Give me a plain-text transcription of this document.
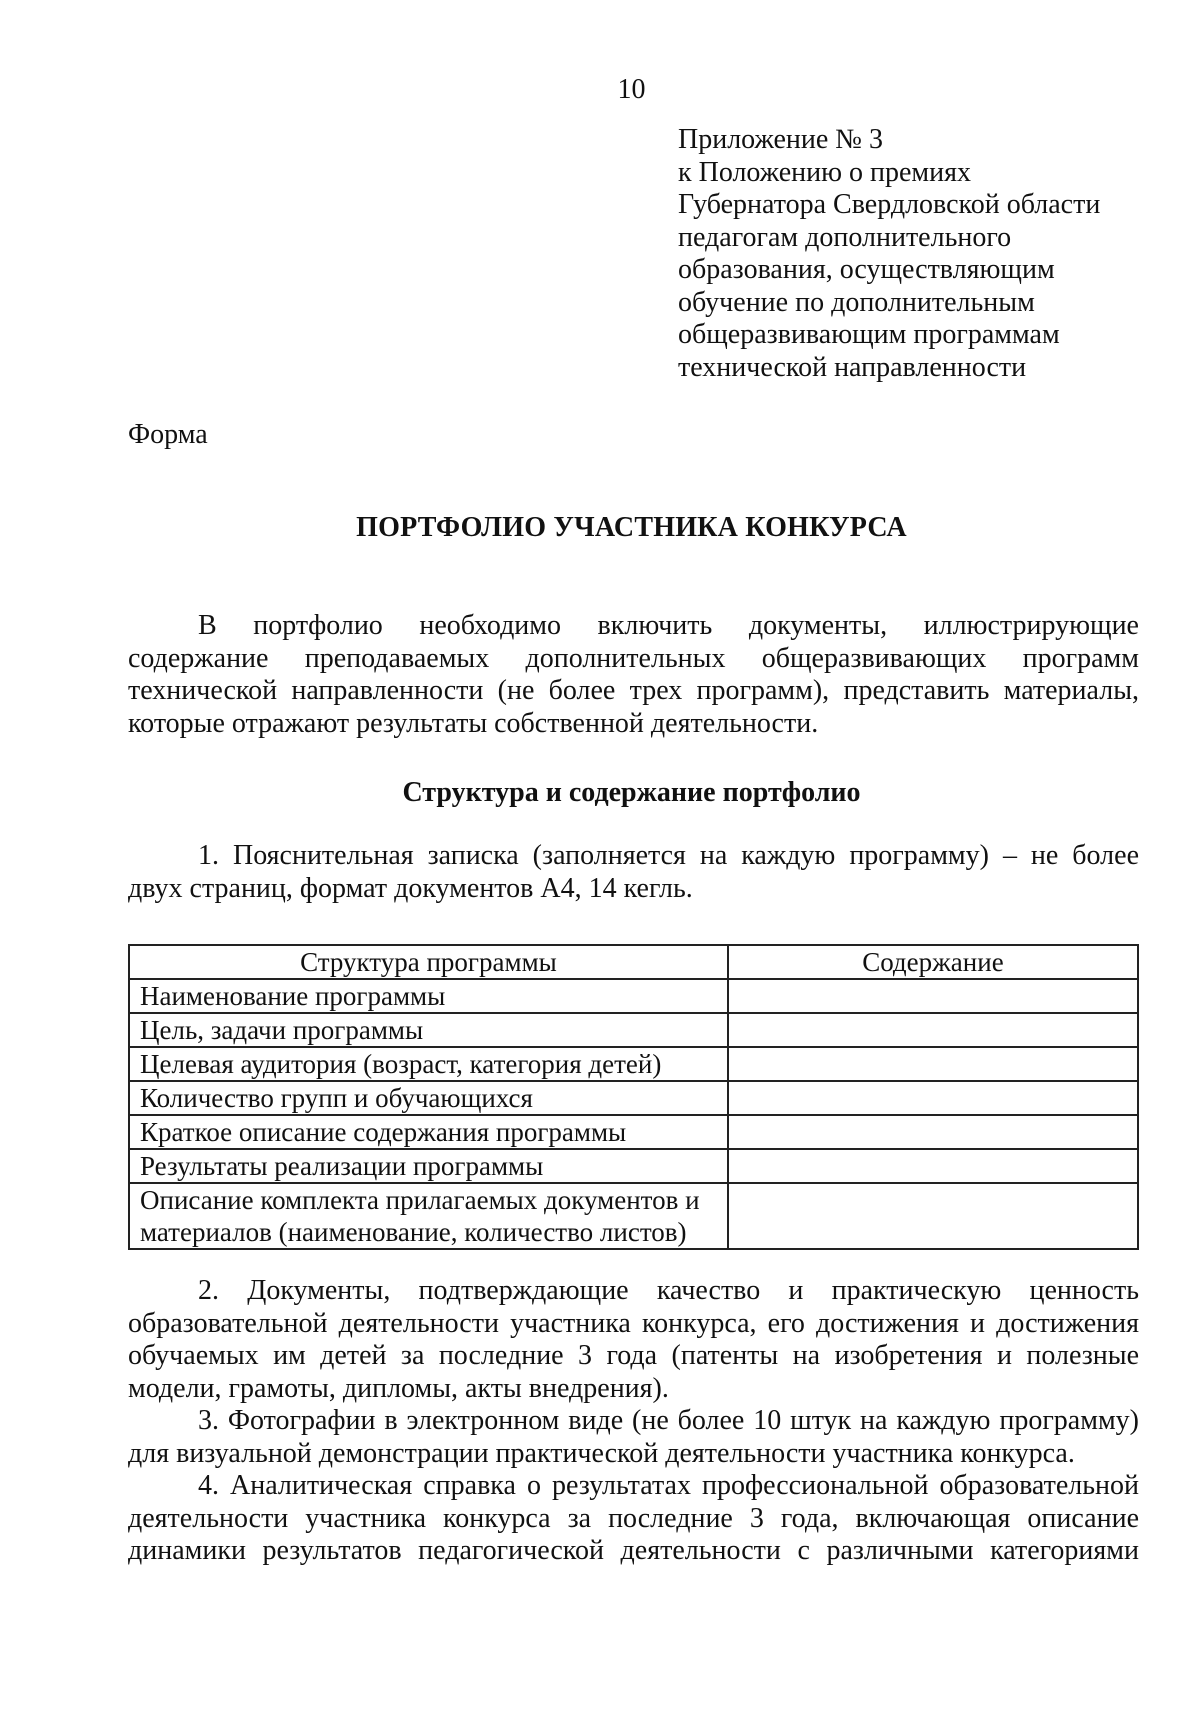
10
Приложение № 3
к Положению о премиях
Губернатора Свердловской области
педагогам дополнительного
образования, осуществляющим
обучение по дополнительным
общеразвивающим программам
технической направленности
Форма
ПОРТФОЛИО УЧАСТНИКА КОНКУРСА
В портфолио необходимо включить документы, иллюстрирующие
содержание преподаваемых дополнительных общеразвивающих программ
технической направленности (не более трех программ), представить материалы,
которые отражают результаты собственной деятельности.
Структура и содержание портфолио
1. Пояснительная записка (заполняется на каждую программу) – не более
двух страниц, формат документов А4, 14 кегль.
Структура программы	Содержание
Наименование программы	
Цель, задачи программы	
Целевая аудитория (возраст, категория детей)	
Количество групп и обучающихся	
Краткое описание содержания программы	
Результаты реализации программы	
Описание комплекта прилагаемых документов и материалов (наименование, количество листов)	
2. Документы, подтверждающие качество и практическую ценность
образовательной деятельности участника конкурса, его достижения и достижения
обучаемых им детей за последние 3 года (патенты на изобретения и полезные
модели, грамоты, дипломы, акты внедрения).
3. Фотографии в электронном виде (не более 10 штук на каждую программу)
для визуальной демонстрации практической деятельности участника конкурса.
4. Аналитическая справка о результатах профессиональной образовательной
деятельности участника конкурса за последние 3 года, включающая описание
динамики результатов педагогической деятельности с различными категориями
